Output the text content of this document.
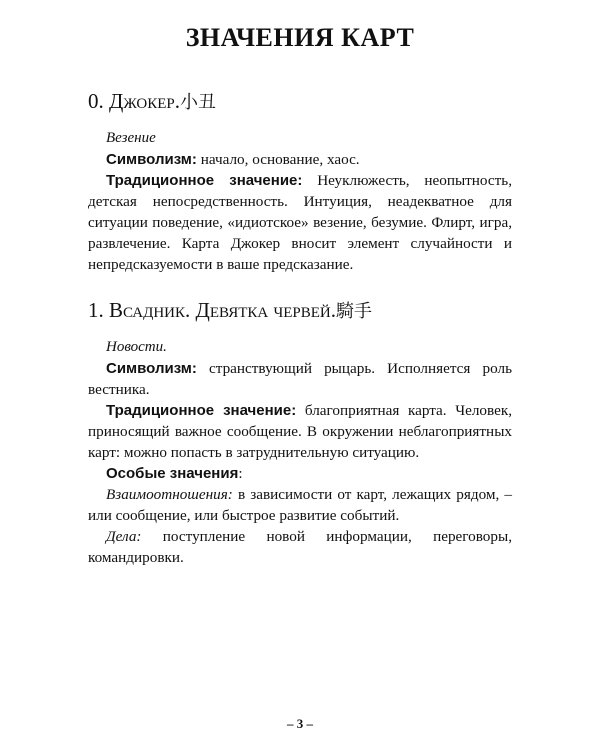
ЗНАЧЕНИЯ КАРТ
0. Джокер.小丑

Везение

Символизм: начало, основание, хаос.

Традиционное значение: Неуклюжесть, неопытность, детская непосредственность. Интуиция, неадекватное для ситуации поведение, «идиотское» везение, безумие. Флирт, игра, развлечение. Карта Джокер вносит элемент случайности и непредсказуемости в ваше предсказание.

1. Всадник. Девятка червей.騎手

Новости.

Символизм: странствующий рыцарь. Исполняется роль вестника.

Традиционное значение: благоприятная карта. Человек, приносящий важное сообщение. В окружении неблагоприятных карт: можно попасть в затруднительную ситуацию.

Особые значения:

Взаимоотношения: в зависимости от карт, лежащих рядом, – или сообщение, или быстрое развитие событий.

Дела: поступление новой информации, переговоры, командировки.

– 3 –
